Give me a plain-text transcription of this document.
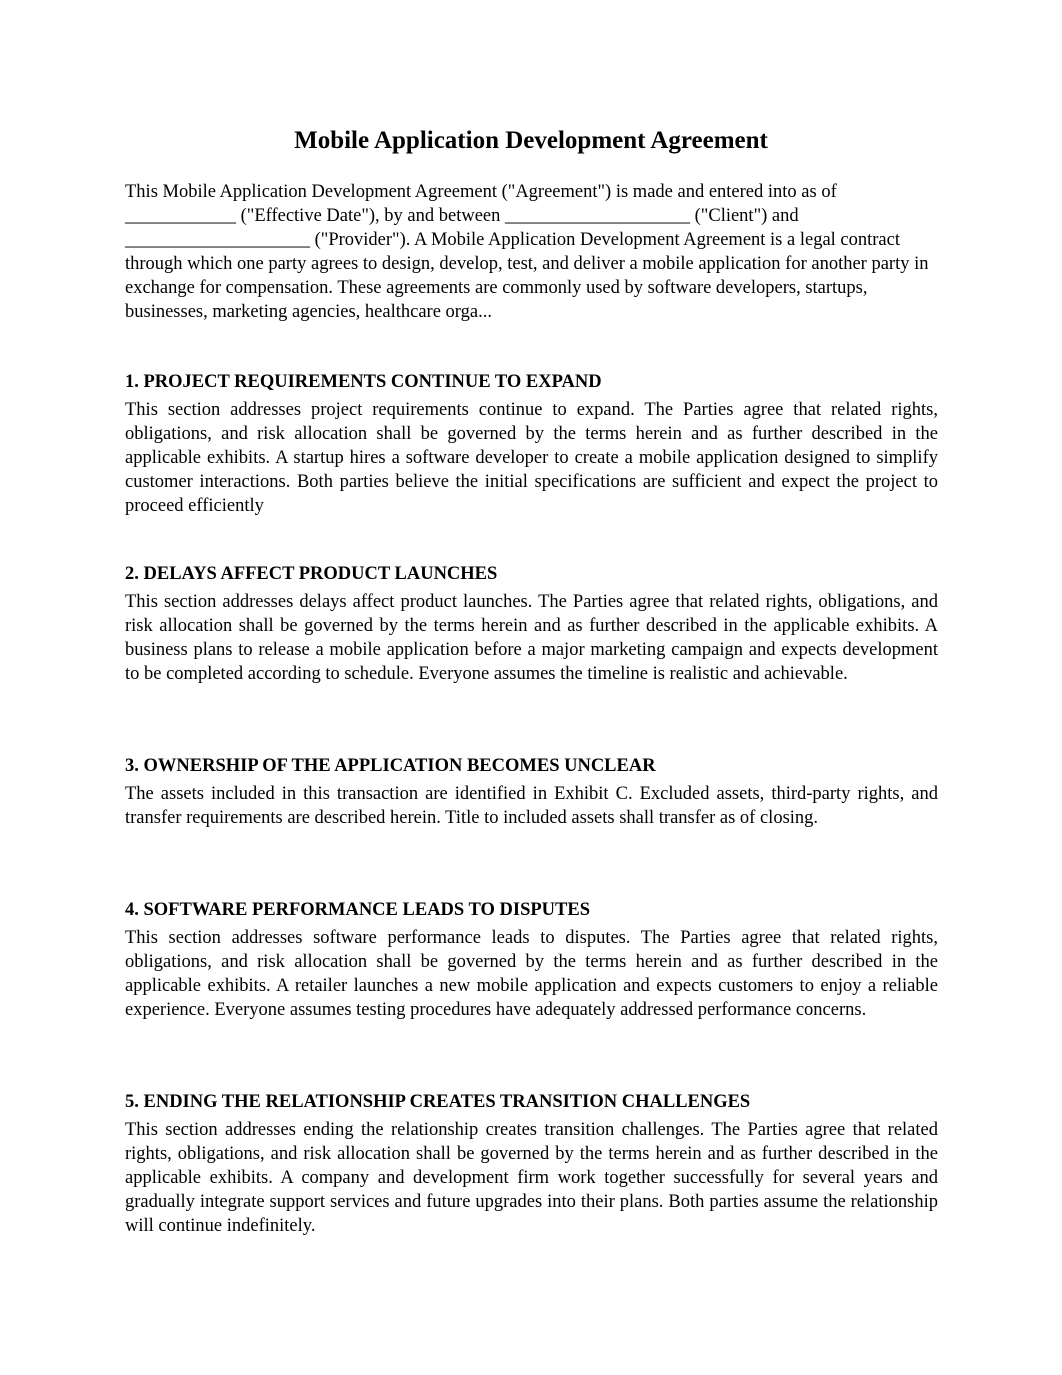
Mobile Application Development Agreement

This Mobile Application Development Agreement ("Agreement") is made and entered into as of ____________ ("Effective Date"), by and between ____________________ ("Client") and ____________________ ("Provider"). A Mobile Application Development Agreement is a legal contract through which one party agrees to design, develop, test, and deliver a mobile application for another party in exchange for compensation. These agreements are commonly used by software developers, startups, businesses, marketing agencies, healthcare orga...

1. PROJECT REQUIREMENTS CONTINUE TO EXPAND

This section addresses project requirements continue to expand. The Parties agree that related rights, obligations, and risk allocation shall be governed by the terms herein and as further described in the applicable exhibits. A startup hires a software developer to create a mobile application designed to simplify customer interactions. Both parties believe the initial specifications are sufficient and expect the project to proceed efficiently

2. DELAYS AFFECT PRODUCT LAUNCHES

This section addresses delays affect product launches. The Parties agree that related rights, obligations, and risk allocation shall be governed by the terms herein and as further described in the applicable exhibits. A business plans to release a mobile application before a major marketing campaign and expects development to be completed according to schedule. Everyone assumes the timeline is realistic and achievable.

3. OWNERSHIP OF THE APPLICATION BECOMES UNCLEAR

The assets included in this transaction are identified in Exhibit C. Excluded assets, third-party rights, and transfer requirements are described herein. Title to included assets shall transfer as of closing.

4. SOFTWARE PERFORMANCE LEADS TO DISPUTES

This section addresses software performance leads to disputes. The Parties agree that related rights, obligations, and risk allocation shall be governed by the terms herein and as further described in the applicable exhibits. A retailer launches a new mobile application and expects customers to enjoy a reliable experience. Everyone assumes testing procedures have adequately addressed performance concerns.

5. ENDING THE RELATIONSHIP CREATES TRANSITION CHALLENGES

This section addresses ending the relationship creates transition challenges. The Parties agree that related rights, obligations, and risk allocation shall be governed by the terms herein and as further described in the applicable exhibits. A company and development firm work together successfully for several years and gradually integrate support services and future upgrades into their plans. Both parties assume the relationship will continue indefinitely.
